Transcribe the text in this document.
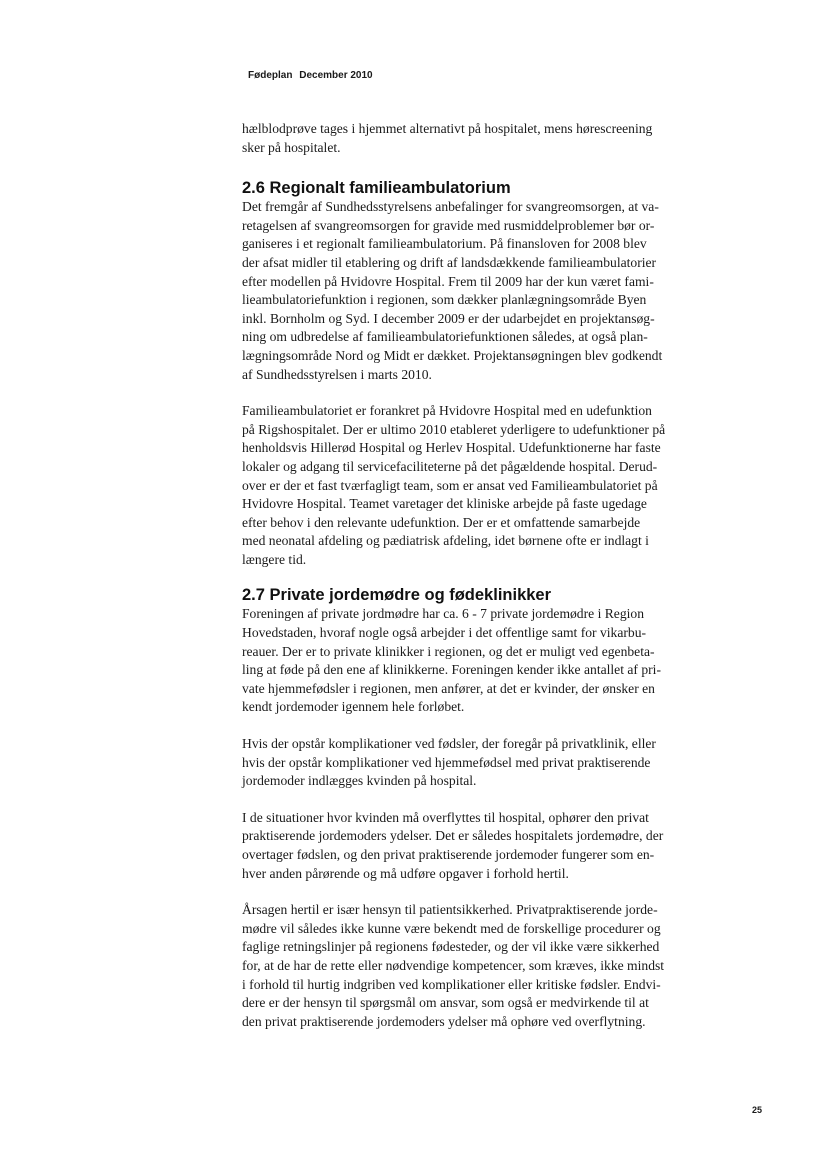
Fødeplan December 2010

hælblodprøve tages i hjemmet alternativt på hospitalet, mens hørescreening
sker på hospitalet.

2.6 Regionalt familieambulatorium

Det fremgår af Sundhedsstyrelsens anbefalinger for svangreomsorgen, at va-
retagelsen af svangreomsorgen for gravide med rusmiddelproblemer bør or-
ganiseres i et regionalt familieambulatorium. På finansloven for 2008 blev
der afsat midler til etablering og drift af landsdækkende familieambulatorier
efter modellen på Hvidovre Hospital. Frem til 2009 har der kun været fami-
lieambulatoriefunktion i regionen, som dækker planlægningsområde Byen
inkl. Bornholm og Syd. I december 2009 er der udarbejdet en projektansøg-
ning om udbredelse af familieambulatoriefunktionen således, at også plan-
lægningsområde Nord og Midt er dækket. Projektansøgningen blev godkendt
af Sundhedsstyrelsen i marts 2010.

Familieambulatoriet er forankret på Hvidovre Hospital med en udefunktion
på Rigshospitalet. Der er ultimo 2010 etableret yderligere to udefunktioner på
henholdsvis Hillerød Hospital og Herlev Hospital. Udefunktionerne har faste
lokaler og adgang til servicefaciliteterne på det pågældende hospital. Derud-
over er der et fast tværfagligt team, som er ansat ved Familieambulatoriet på
Hvidovre Hospital. Teamet varetager det kliniske arbejde på faste ugedage
efter behov i den relevante udefunktion. Der er et omfattende samarbejde
med neonatal afdeling og pædiatrisk afdeling, idet børnene ofte er indlagt i
længere tid.

2.7 Private jordemødre og fødeklinikker

Foreningen af private jordmødre har ca. 6 - 7 private jordemødre i Region
Hovedstaden, hvoraf nogle også arbejder i det offentlige samt for vikarbu-
reauer. Der er to private klinikker i regionen, og det er muligt ved egenbeta-
ling at føde på den ene af klinikkerne. Foreningen kender ikke antallet af pri-
vate hjemmefødsler i regionen, men anfører, at det er kvinder, der ønsker en
kendt jordemoder igennem hele forløbet.

Hvis der opstår komplikationer ved fødsler, der foregår på privatklinik, eller
hvis der opstår komplikationer ved hjemmefødsel med privat praktiserende
jordemoder indlægges kvinden på hospital.

I de situationer hvor kvinden må overflyttes til hospital, ophører den privat
praktiserende jordemoders ydelser. Det er således hospitalets jordemødre, der
overtager fødslen, og den privat praktiserende jordemoder fungerer som en-
hver anden pårørende og må udføre opgaver i forhold hertil.

Årsagen hertil er især hensyn til patientsikkerhed. Privatpraktiserende jorde-
mødre vil således ikke kunne være bekendt med de forskellige procedurer og
faglige retningslinjer på regionens fødesteder, og der vil ikke være sikkerhed
for, at de har de rette eller nødvendige kompetencer, som kræves, ikke mindst
i forhold til hurtig indgriben ved komplikationer eller kritiske fødsler. Endvi-
dere er der hensyn til spørgsmål om ansvar, som også er medvirkende til at
den privat praktiserende jordemoders ydelser må ophøre ved overflytning.

25
